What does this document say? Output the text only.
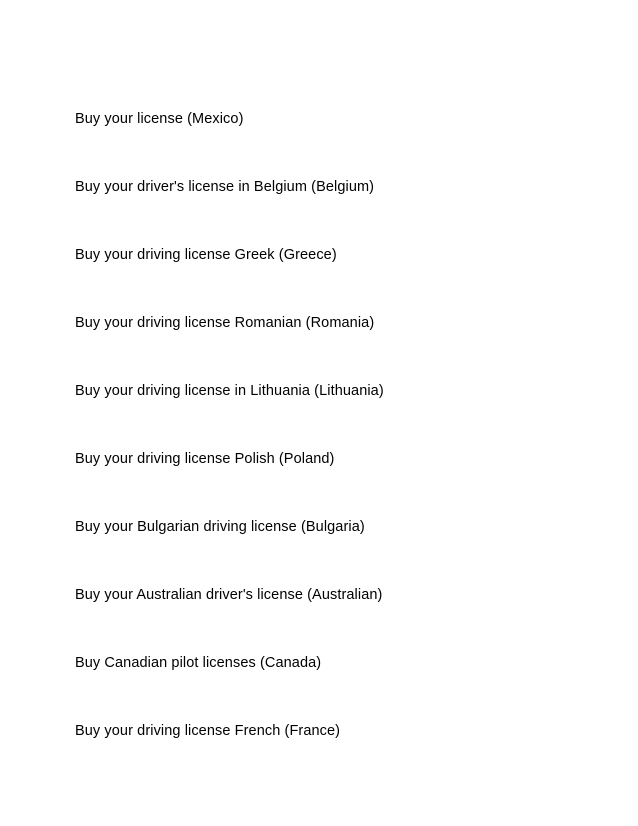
Buy your license (Mexico)
Buy your driver's license in Belgium (Belgium)
Buy your driving license Greek (Greece)
Buy your driving license Romanian (Romania)
Buy your driving license in Lithuania (Lithuania)
Buy your driving license Polish (Poland)
Buy your Bulgarian driving license (Bulgaria)
Buy your Australian driver's license (Australian)
Buy Canadian pilot licenses (Canada)
Buy your driving license French (France)
